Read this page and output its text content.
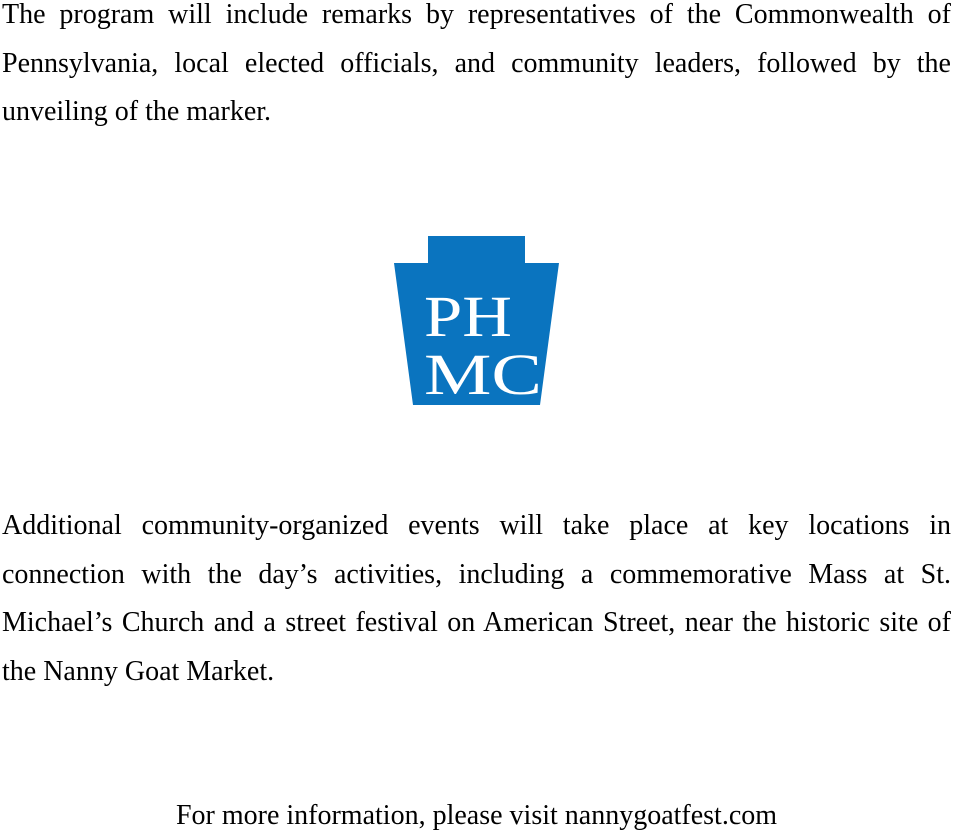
The program will include remarks by representatives of the Commonwealth of Pennsylvania, local elected officials, and community leaders, followed by the unveiling of the marker.

PH
MC

Additional community-organized events will take place at key locations in connection with the day’s activities, including a commemorative Mass at St. Michael’s Church and a street festival on American Street, near the historic site of the Nanny Goat Market.

For more information, please visit nannygoatfest.com
